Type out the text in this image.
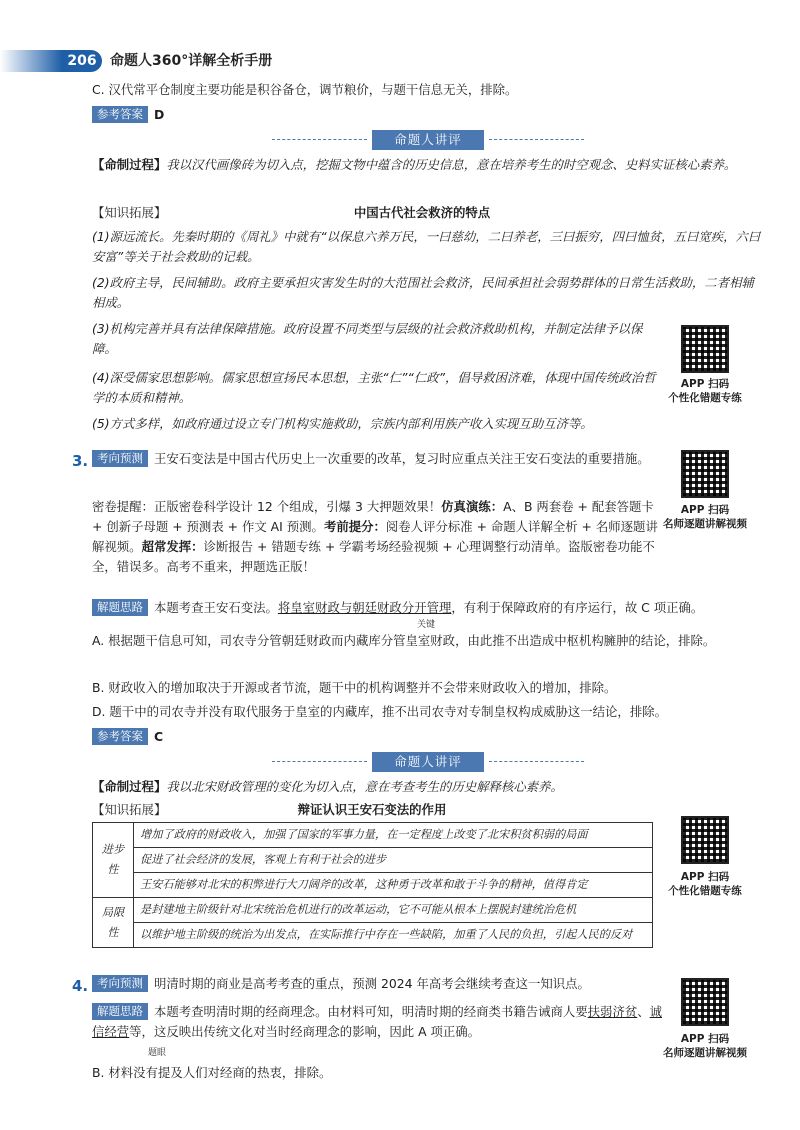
206 命题人360°详解全析手册

C. 汉代常平仓制度主要功能是积谷备仓，调节粮价，与题干信息无关，排除。

参考答案 D

命题人讲评

【命制过程】我以汉代画像砖为切入点，挖掘文物中蕴含的历史信息，意在培养考生的时空观念、史料实证核心素养。

【知识拓展】	中国古代社会救济的特点

(1)源远流长。先秦时期的《周礼》中就有“以保息六养万民，一曰慈幼，二曰养老，三曰振穷，四曰恤贫，五曰宽疾，六曰安富”等关于社会救助的记载。

(2)政府主导，民间辅助。政府主要承担灾害发生时的大范围社会救济，民间承担社会弱势群体的日常生活救助，二者相辅相成。

(3)机构完善并具有法律保障措施。政府设置不同类型与层级的社会救济救助机构，并制定法律予以保障。

(4)深受儒家思想影响。儒家思想宣扬民本思想，主张“仁”“仁政”，倡导救困济难，体现中国传统政治哲学的本质和精神。

(5)方式多样，如政府通过设立专门机构实施救助，宗族内部利用族产收入实现互助互济等。

APP 扫码
个性化错题专练
3. 考向预测 王安石变法是中国古代历史上一次重要的改革，复习时应重点关注王安石变法的重要措施。

APP 扫码
名师逐题讲解视频

密卷提醒：正版密卷科学设计 12 个组成，引爆 3 大押题效果！仿真演练：A、B 两套卷 + 配套答题卡 + 创新子母题 + 预测表 + 作文 AI 预测。考前提分：阅卷人评分标准 + 命题人详解全析 + 名师逐题讲解视频。超常发挥：诊断报告 + 错题专练 + 学霸考场经验视频 + 心理调整行动清单。盗版密卷功能不全，错误多。高考不重来，押题选正版！

解题思路 本题考查王安石变法。将皇室财政与朝廷财政分开管理，有利于保障政府的有序运行，故 C 项正确。

关键

A. 根据题干信息可知，司农寺分管朝廷财政而内藏库分管皇室财政，由此推不出造成中枢机构臃肿的结论，排除。

B. 财政收入的增加取决于开源或者节流，题干中的机构调整并不会带来财政收入的增加，排除。

D. 题干中的司农寺并没有取代服务于皇室的内藏库，推不出司农寺对专制皇权构成威胁这一结论，排除。

参考答案 C

命题人讲评

【命制过程】我以北宋财政管理的变化为切入点，意在考查考生的历史解释核心素养。

【知识拓展】	辩证认识王安石变法的作用

进步性	增加了政府的财政收入，加强了国家的军事力量，在一定程度上改变了北宋积贫积弱的局面
	促进了社会经济的发展，客观上有利于社会的进步
	王安石能够对北宋的积弊进行大刀阔斧的改革，这种勇于改革和敢于斗争的精神，值得肯定
局限性	是封建地主阶级针对北宋统治危机进行的改革运动，它不可能从根本上摆脱封建统治危机
	以维护地主阶级的统治为出发点，在实际推行中存在一些缺陷，加重了人民的负担，引起人民的反对
APP 扫码
个性化错题专练
4. 考向预测 明清时期的商业是高考考查的重点，预测 2024 年高考会继续考查这一知识点。

解题思路 本题考查明清时期的经商理念。由材料可知，明清时期的经商类书籍告诫商人要扶弱济贫、诚信经营等，这反映出传统文化对当时经商理念的影响，因此 A 项正确。

题眼

B. 材料没有提及人们对经商的热衷，排除。

APP 扫码
名师逐题讲解视频
